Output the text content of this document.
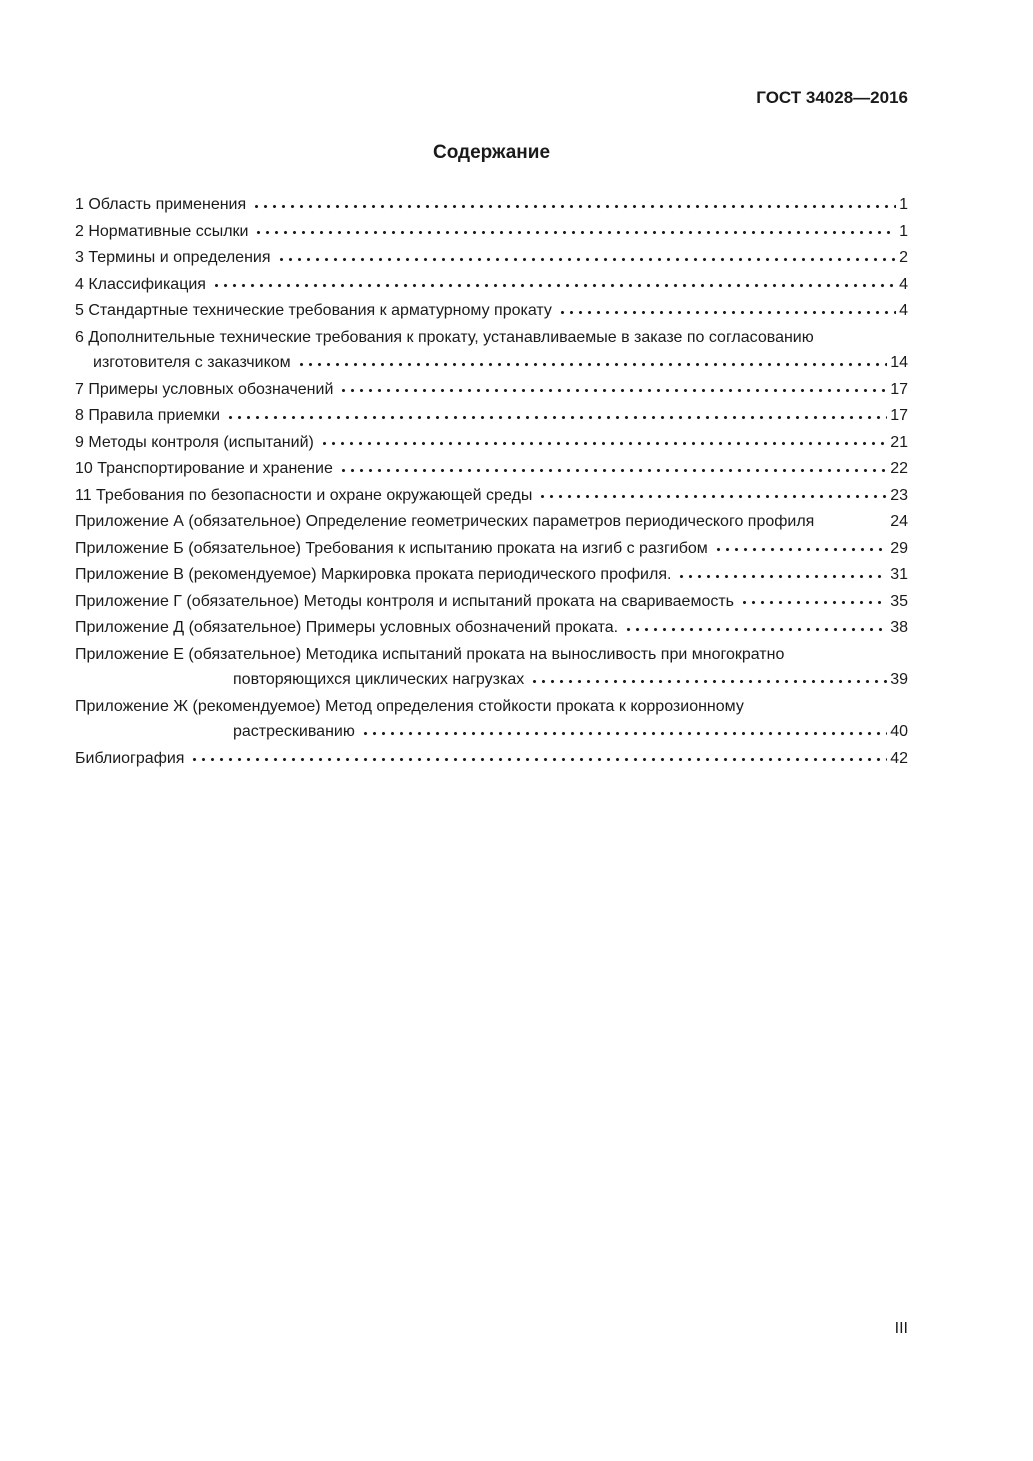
ГОСТ 34028—2016
Содержание
1 Область применения	1
2 Нормативные ссылки	1
3 Термины и определения	2
4 Классификация	4
5 Стандартные технические требования к арматурному прокату	4
6 Дополнительные технические требования к прокату, устанавливаемые в заказе по согласованию
изготовителя с заказчиком	14
7 Примеры условных обозначений	17
8 Правила приемки	17
9 Методы контроля (испытаний)	21
10 Транспортирование и хранение	22
11 Требования по безопасности и охране окружающей среды	23
Приложение А (обязательное) Определение геометрических параметров периодического профиля	24
Приложение Б (обязательное) Требования к испытанию проката на изгиб с разгибом	29
Приложение В (рекомендуемое) Маркировка проката периодического профиля.	31
Приложение Г (обязательное) Методы контроля и испытаний проката на свариваемость	35
Приложение Д (обязательное) Примеры условных обозначений проката.	38
Приложение Е (обязательное) Методика испытаний проката на выносливость при многократно
повторяющихся циклических нагрузках	39
Приложение Ж (рекомендуемое) Метод определения стойкости проката к коррозионному
растрескиванию	40
Библиография	42
III
